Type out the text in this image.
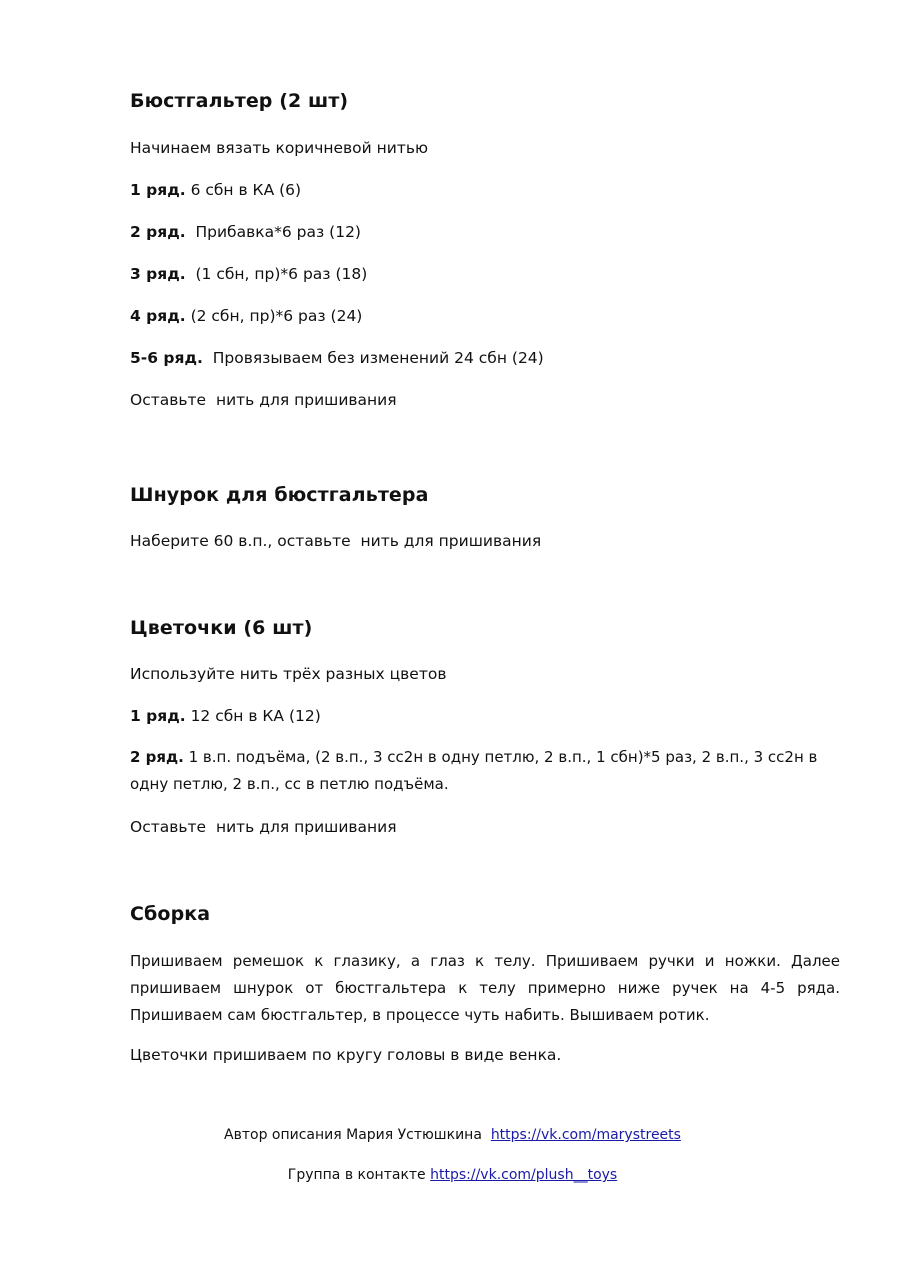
Бюстгальтер (2 шт)

Начинаем вязать коричневой нитью

1 ряд. 6 сбн в КА (6)

2 ряд.  Прибавка*6 раз (12)

3 ряд.  (1 сбн, пр)*6 раз (18)

4 ряд. (2 сбн, пр)*6 раз (24)

5-6 ряд.  Провязываем без изменений 24 сбн (24)

Оставьте  нить для пришивания

Шнурок для бюстгальтера

Наберите 60 в.п., оставьте  нить для пришивания

Цветочки (6 шт)

Используйте нить трёх разных цветов

1 ряд. 12 сбн в КА (12)

2 ряд. 1 в.п. подъёма, (2 в.п., 3 сс2н в одну петлю, 2 в.п., 1 сбн)*5 раз, 2 в.п., 3 сс2н в одну петлю, 2 в.п., сс в петлю подъёма.

Оставьте  нить для пришивания

Сборка

Пришиваем ремешок к глазику, а глаз к телу. Пришиваем ручки и ножки. Далее пришиваем шнурок от бюстгальтера к телу примерно ниже ручек на 4-5 ряда. Пришиваем сам бюстгальтер, в процессе чуть набить. Вышиваем ротик.

Цветочки пришиваем по кругу головы в виде венка.

Автор описания Мария Устюшкина https://vk.com/marystreets

Группа в контакте https://vk.com/plush__toys
